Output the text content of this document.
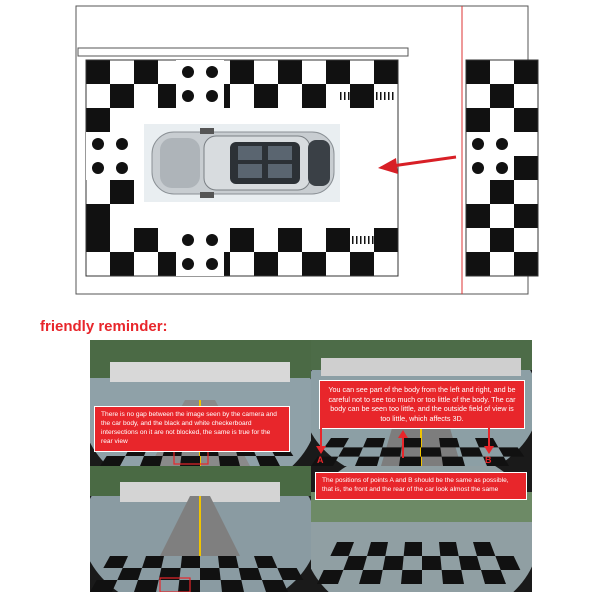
friendly reminder:
There is no gap between the image seen by the camera and the car body, and the black and white checkerboard intersections on it are not blocked, the same is true for the rear view
You can see part of the body from the left and right, and be careful not to see too much or too little of the body. The car body can be seen too little, and the outside field of view is too little, which affects 3D.
A	B
The positions of points A and B should be the same as possible, that is, the front and the rear of the car look almost the same
